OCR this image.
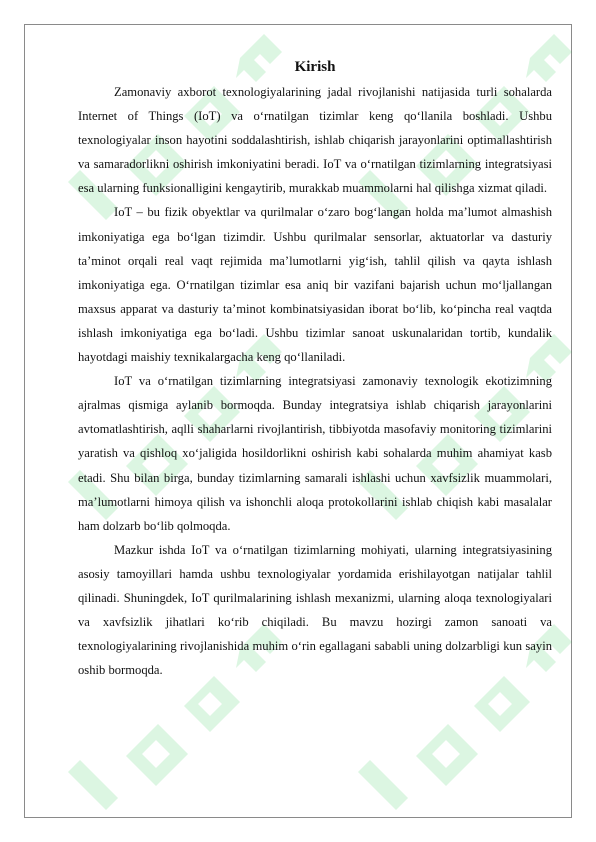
Kirish

Zamonaviy axborot texnologiyalarining jadal rivojlanishi natijasida turli sohalarda Internet of Things (IoT) va o‘rnatilgan tizimlar keng qo‘llanila boshladi. Ushbu texnologiyalar inson hayotini soddalashtirish, ishlab chiqarish jarayonlarini optimallashtirish va samaradorlikni oshirish imkoniyatini beradi. IoT va o‘rnatilgan tizimlarning integratsiyasi esa ularning funksionalligini kengaytirib, murakkab muammolarni hal qilishga xizmat qiladi.

IoT – bu fizik obyektlar va qurilmalar o‘zaro bog‘langan holda ma’lumot almashish imkoniyatiga ega bo‘lgan tizimdir. Ushbu qurilmalar sensorlar, aktuatorlar va dasturiy ta’minot orqali real vaqt rejimida ma’lumotlarni yig‘ish, tahlil qilish va qayta ishlash imkoniyatiga ega. O‘rnatilgan tizimlar esa aniq bir vazifani bajarish uchun mo‘ljallangan maxsus apparat va dasturiy ta’minot kombinatsiyasidan iborat bo‘lib, ko‘pincha real vaqtda ishlash imkoniyatiga ega bo‘ladi. Ushbu tizimlar sanoat uskunalaridan tortib, kundalik hayotdagi maishiy texnikalargacha keng qo‘llaniladi.

IoT va o‘rnatilgan tizimlarning integratsiyasi zamonaviy texnologik ekotizimning ajralmas qismiga aylanib bormoqda. Bunday integratsiya ishlab chiqarish jarayonlarini avtomatlashtirish, aqlli shaharlarni rivojlantirish, tibbiyotda masofaviy monitoring tizimlarini yaratish va qishloq xo‘jaligida hosildorlikni oshirish kabi sohalarda muhim ahamiyat kasb etadi. Shu bilan birga, bunday tizimlarning samarali ishlashi uchun xavfsizlik muammolari, ma’lumotlarni himoya qilish va ishonchli aloqa protokollarini ishlab chiqish kabi masalalar ham dolzarb bo‘lib qolmoqda.

Mazkur ishda IoT va o‘rnatilgan tizimlarning mohiyati, ularning integratsiyasining asosiy tamoyillari hamda ushbu texnologiyalar yordamida erishilayotgan natijalar tahlil qilinadi. Shuningdek, IoT qurilmalarining ishlash mexanizmi, ularning aloqa texnologiyalari va xavfsizlik jihatlari ko‘rib chiqiladi. Bu mavzu hozirgi zamon sanoati va texnologiyalarining rivojlanishida muhim o‘rin egallagani sababli uning dolzarbligi kun sayin oshib bormoqda.
